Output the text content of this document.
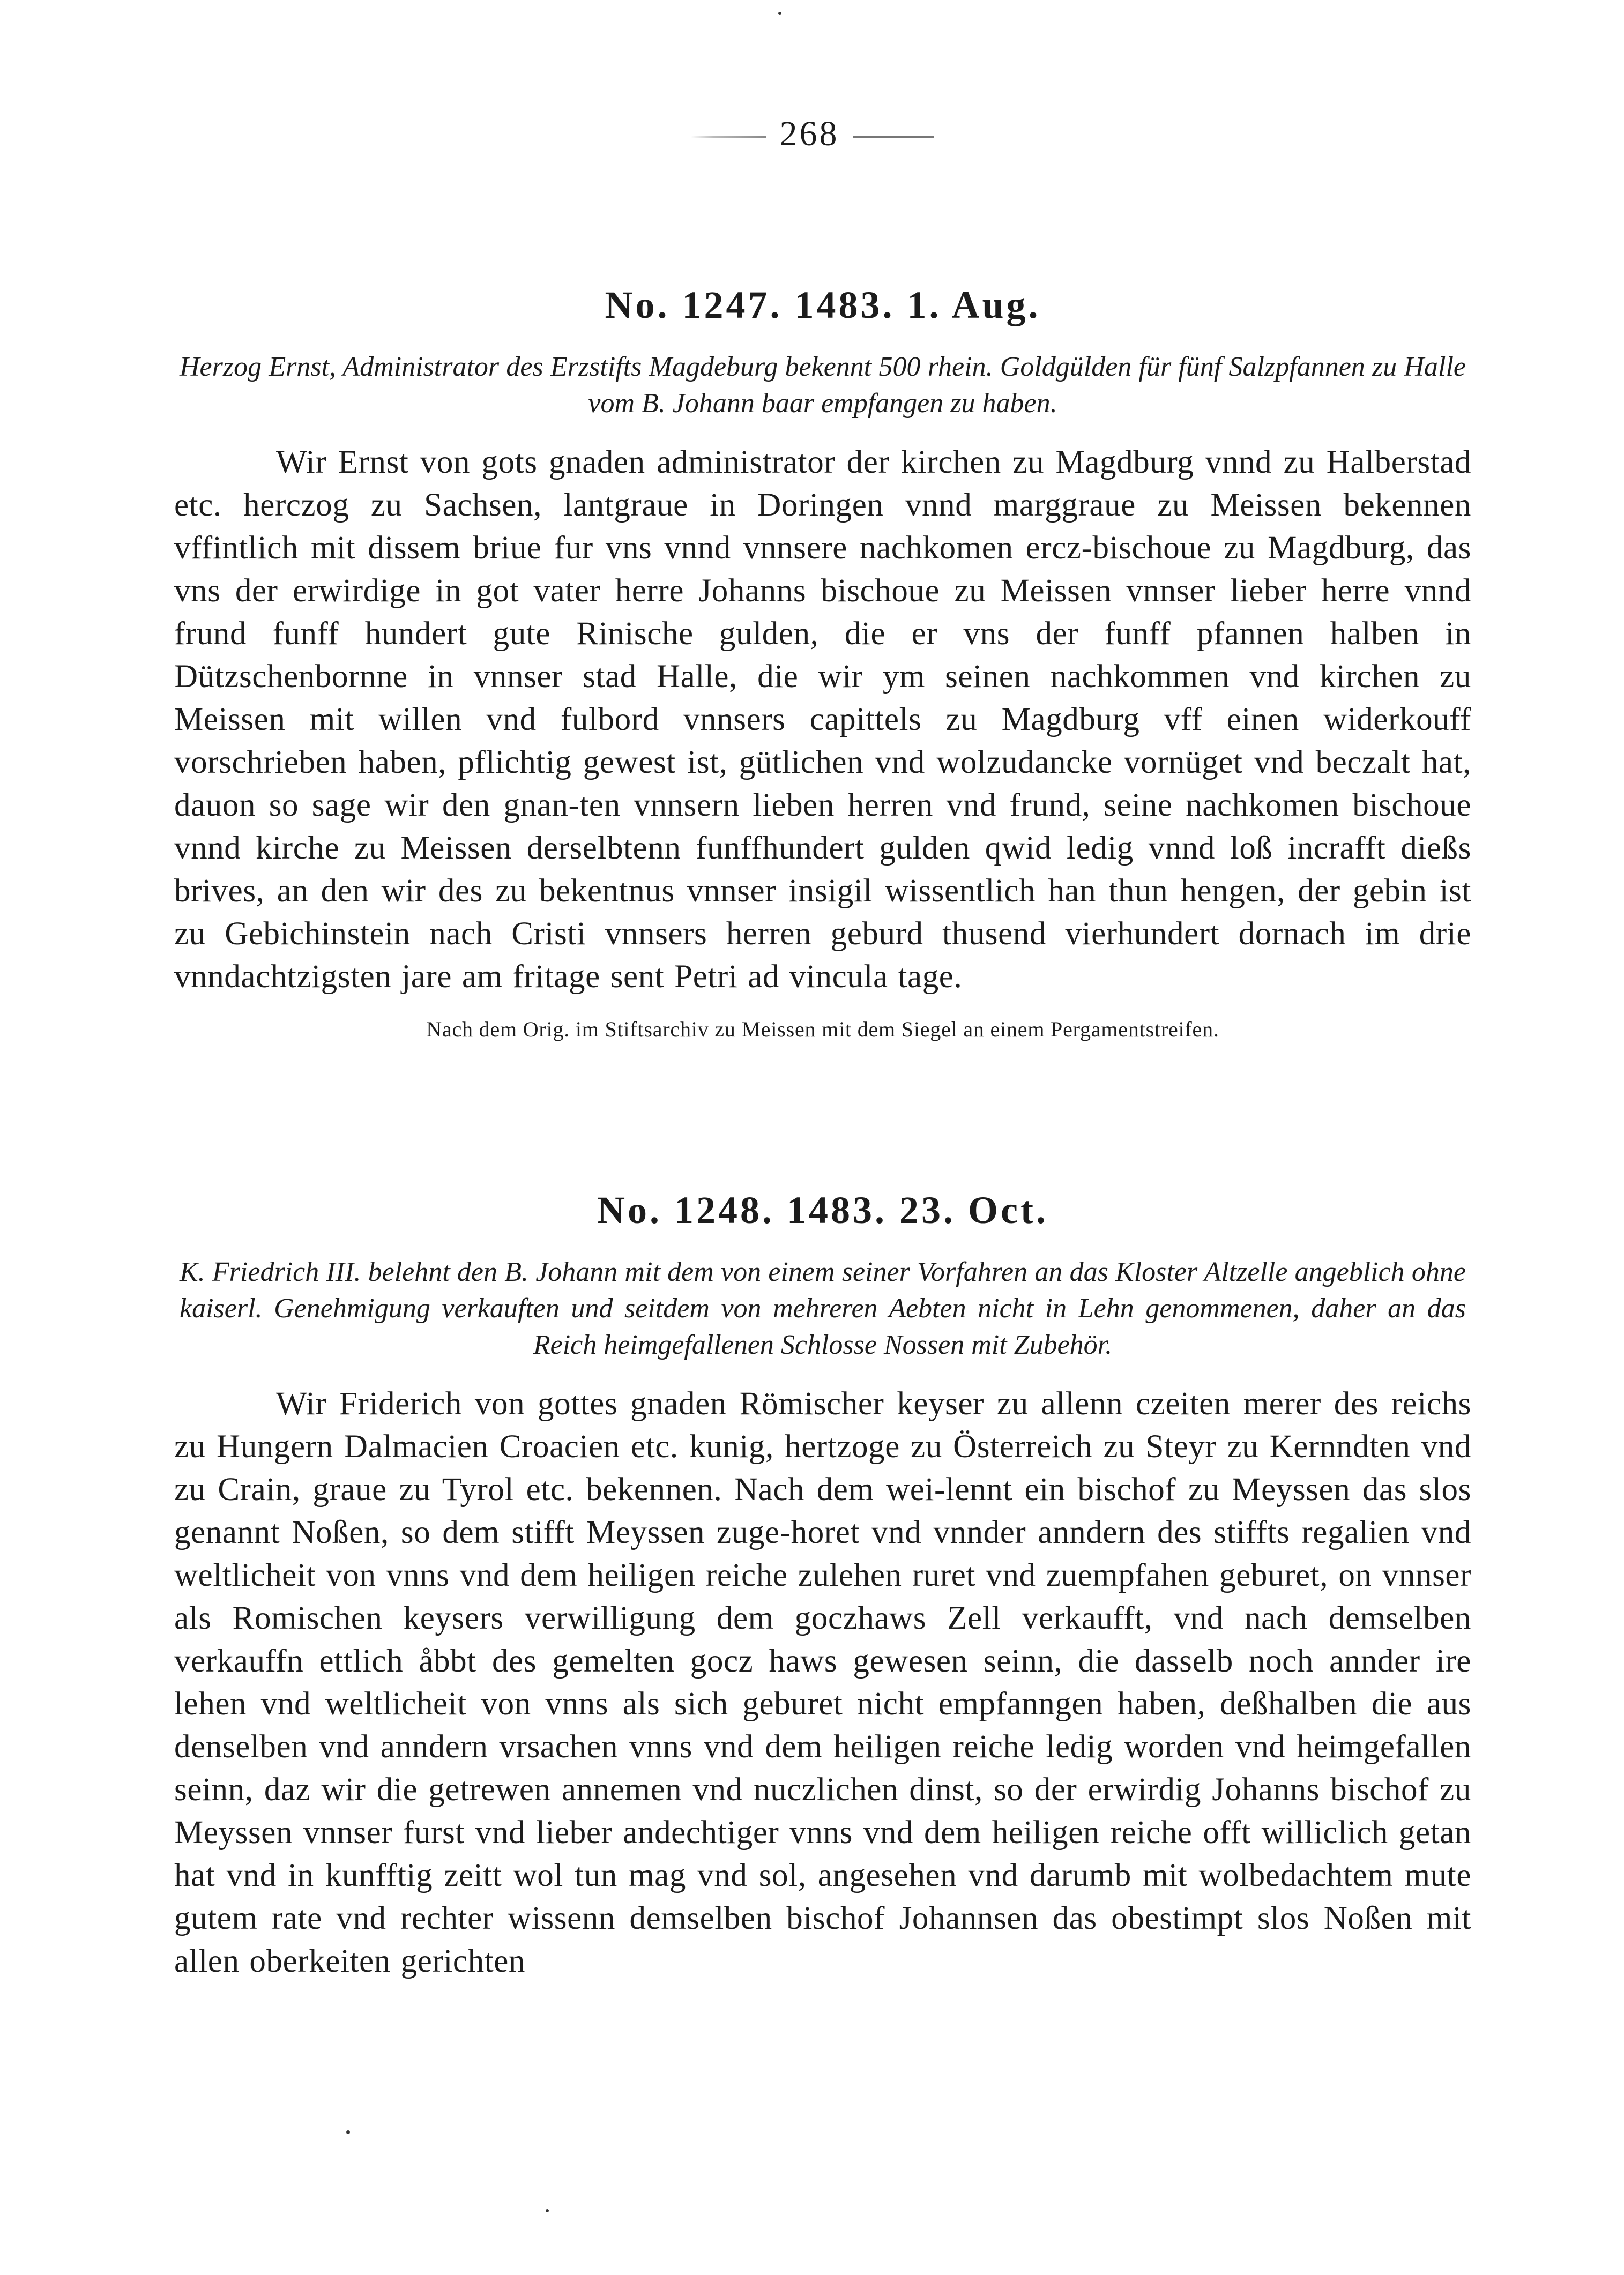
268
No. 1247. 1483. 1. Aug.

Herzog Ernst, Administrator des Erzstifts Magdeburg bekennt 500 rhein. Goldgülden für fünf Salzpfannen zu Halle vom B. Johann baar empfangen zu haben.

Wir Ernst von gots gnaden administrator der kirchen zu Magdburg vnnd zu Halberstad etc. herczog zu Sachsen, lantgraue in Doringen vnnd marggraue zu Meissen bekennen vffintlich mit dissem briue fur vns vnnd vnnsere nachkomen ercz-bischoue zu Magdburg, das vns der erwirdige in got vater herre Johanns bischoue zu Meissen vnnser lieber herre vnnd frund funff hundert gute Rinische gulden, die er vns der funff pfannen halben in Dützschenbornne in vnnser stad Halle, die wir ym seinen nachkommen vnd kirchen zu Meissen mit willen vnd fulbord vnnsers capittels zu Magdburg vff einen widerkouff vorschrieben haben, pflichtig gewest ist, gütlichen vnd wolzudancke vornüget vnd beczalt hat, dauon so sage wir den gnan-ten vnnsern lieben herren vnd frund, seine nachkomen bischoue vnnd kirche zu Meissen derselbtenn funffhundert gulden qwid ledig vnnd loß incrafft dießs brives, an den wir des zu bekentnus vnnser insigil wissentlich han thun hengen, der gebin ist zu Gebichinstein nach Cristi vnnsers herren geburd thusend vierhundert dornach im drie vnndachtzigsten jare am fritage sent Petri ad vincula tage.

Nach dem Orig. im Stiftsarchiv zu Meissen mit dem Siegel an einem Pergamentstreifen.

No. 1248. 1483. 23. Oct.

K. Friedrich III. belehnt den B. Johann mit dem von einem seiner Vorfahren an das Kloster Altzelle angeblich ohne kaiserl. Genehmigung verkauften und seitdem von mehreren Aebten nicht in Lehn genommenen, daher an das Reich heimgefallenen Schlosse Nossen mit Zubehör.

Wir Friderich von gottes gnaden Römischer keyser zu allenn czeiten merer des reichs zu Hungern Dalmacien Croacien etc. kunig, hertzoge zu Österreich zu Steyr zu Kernndten vnd zu Crain, graue zu Tyrol etc. bekennen. Nach dem wei-lennt ein bischof zu Meyssen das slos genannt Noßen, so dem stifft Meyssen zuge-horet vnd vnnder anndern des stiffts regalien vnd weltlicheit von vnns vnd dem heiligen reiche zulehen ruret vnd zuempfahen geburet, on vnnser als Romischen keysers verwilligung dem goczhaws Zell verkaufft, vnd nach demselben verkauffn ettlich åbbt des gemelten gocz haws gewesen seinn, die dasselb noch annder ire lehen vnd weltlicheit von vnns als sich geburet nicht empfanngen haben, deßhalben die aus denselben vnd anndern vrsachen vnns vnd dem heiligen reiche ledig worden vnd heimgefallen seinn, daz wir die getrewen annemen vnd nuczlichen dinst, so der erwirdig Johanns bischof zu Meyssen vnnser furst vnd lieber andechtiger vnns vnd dem heiligen reiche offt williclich getan hat vnd in kunfftig zeitt wol tun mag vnd sol, angesehen vnd darumb mit wolbedachtem mute gutem rate vnd rechter wissenn demselben bischof Johannsen das obestimpt slos Noßen mit allen oberkeiten gerichten
